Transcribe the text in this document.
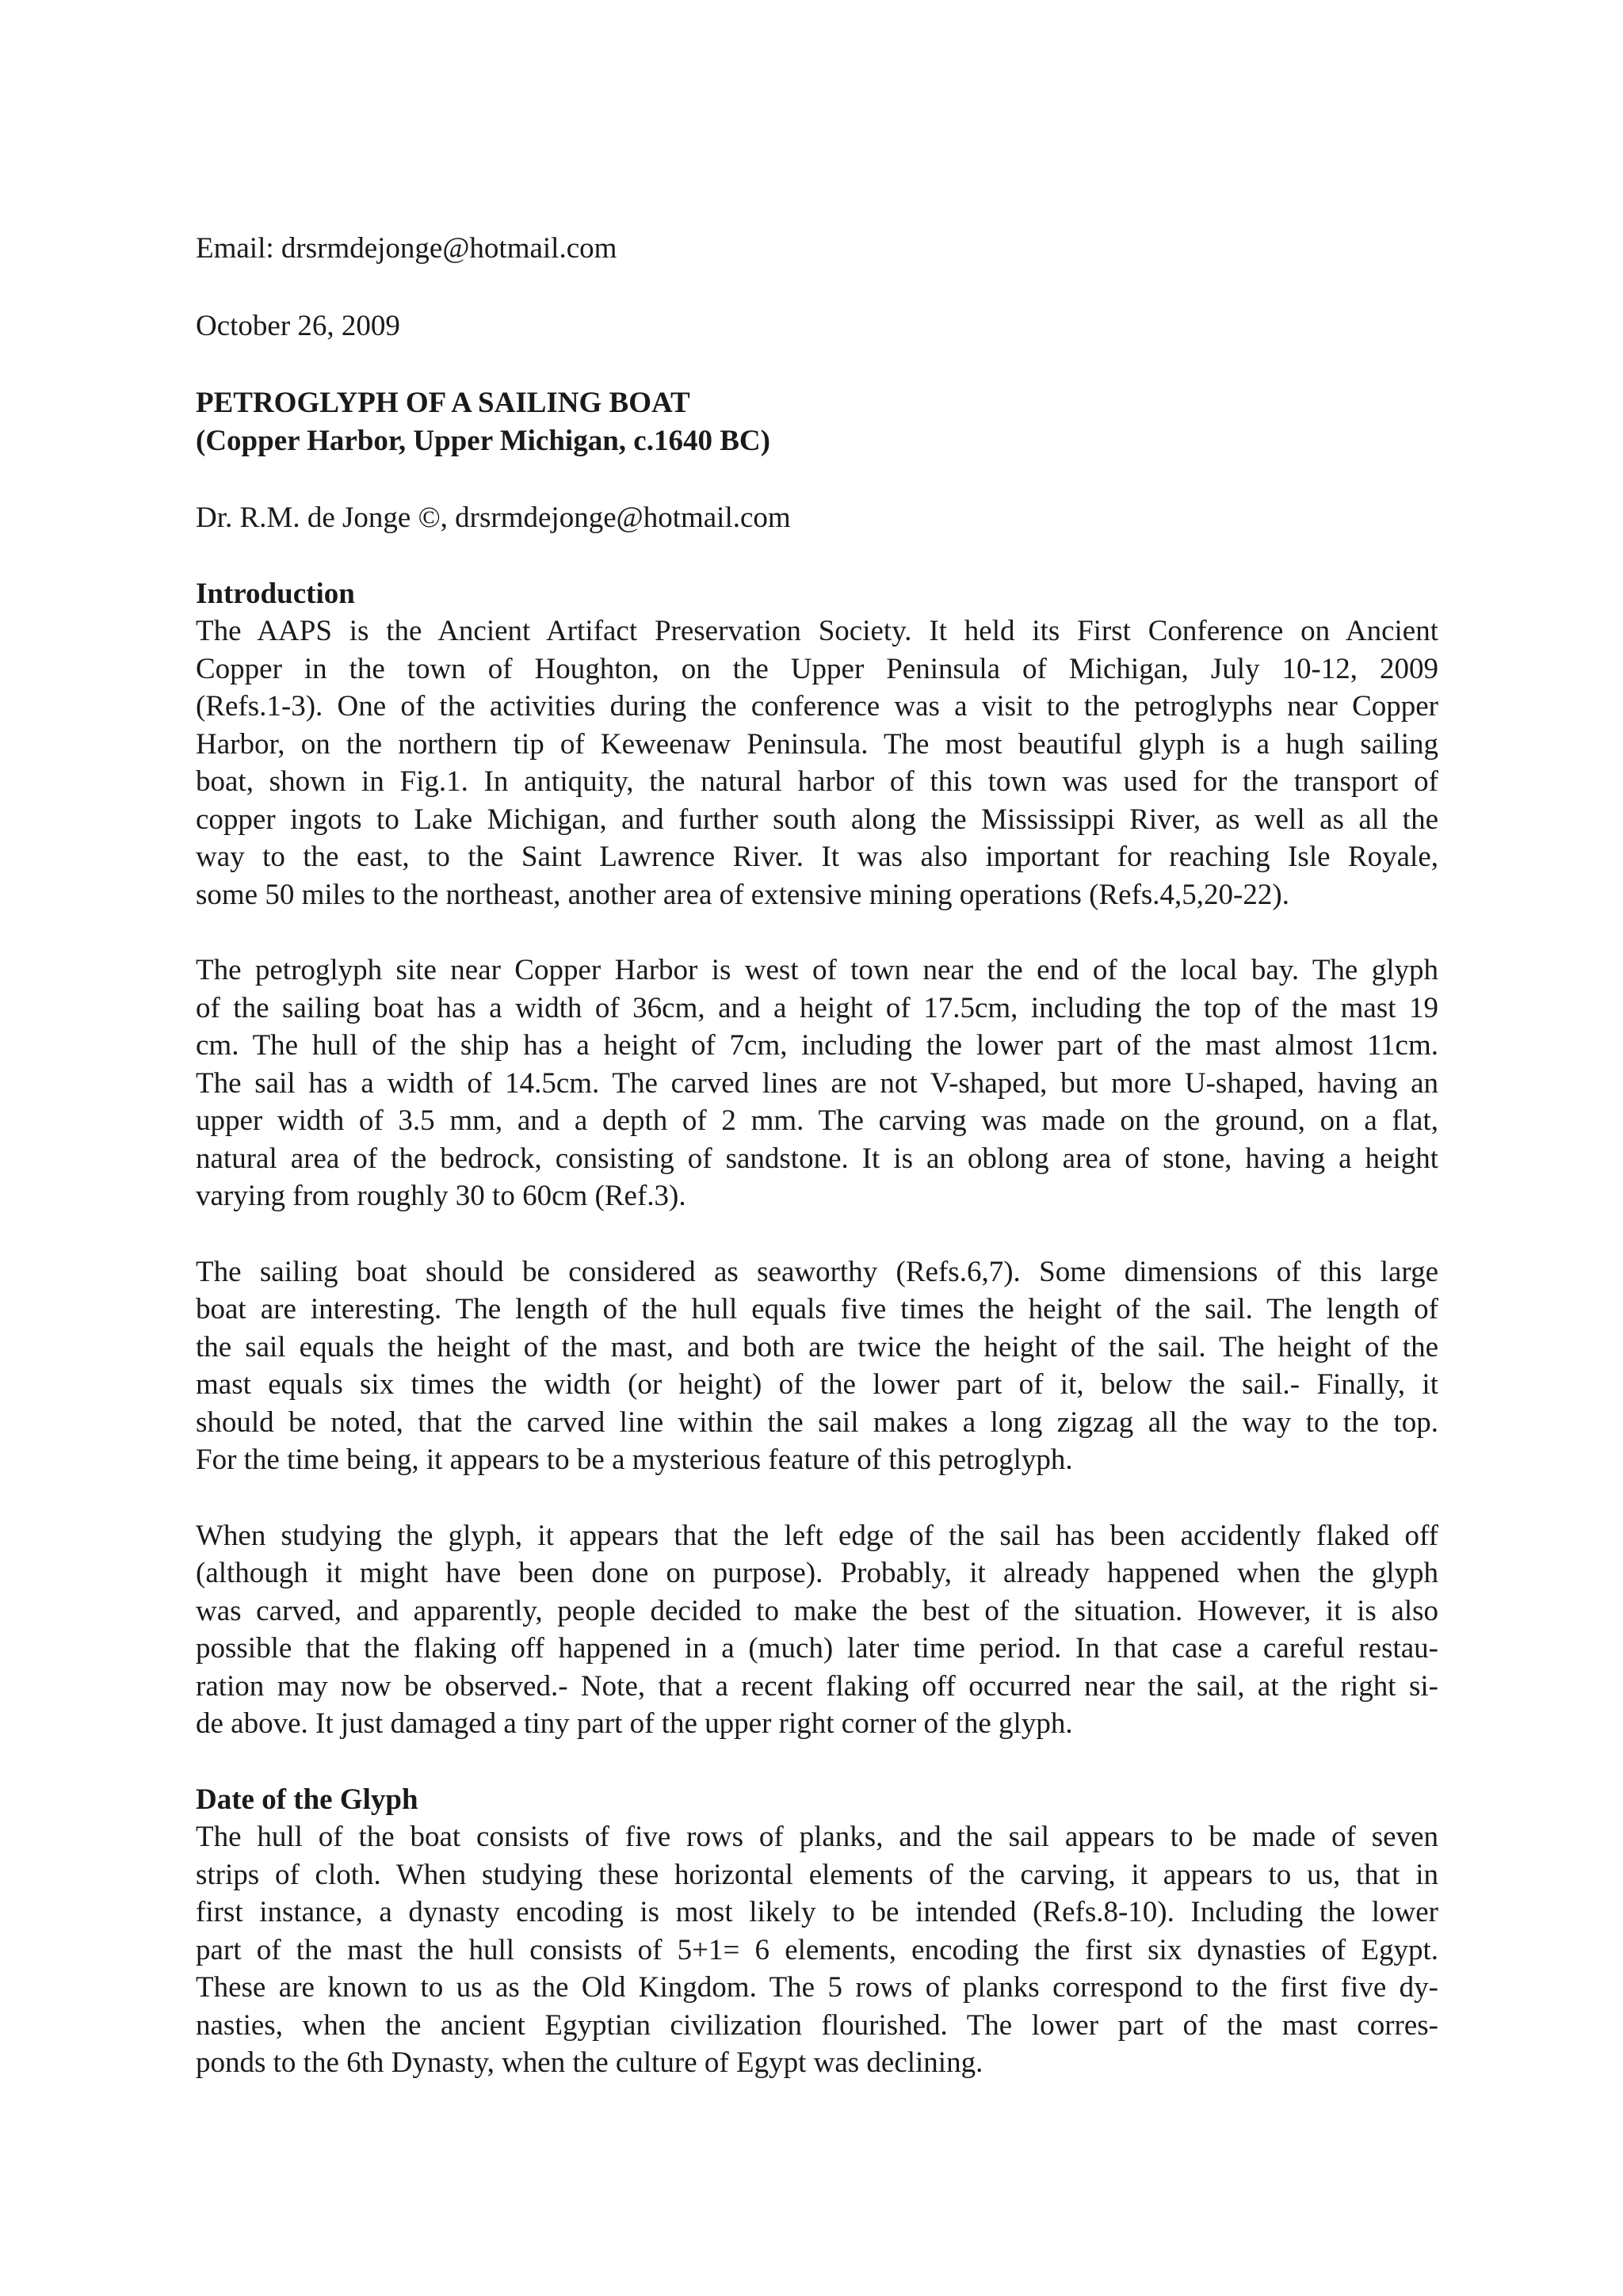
Email: drsrmdejonge@hotmail.com

October 26, 2009

PETROGLYPH OF A SAILING BOAT

(Copper Harbor, Upper Michigan, c.1640 BC)

Dr. R.M. de Jonge ©, drsrmdejonge@hotmail.com

Introduction

The AAPS is the Ancient Artifact Preservation Society. It held its First Conference on Ancient
Copper in the town of Houghton, on the Upper Peninsula of Michigan, July 10-12, 2009
(Refs.1-3). One of the activities during the conference was a visit to the petroglyphs near Copper
Harbor, on the northern tip of Keweenaw Peninsula. The most beautiful glyph is a hugh sailing
boat, shown in Fig.1. In antiquity, the natural harbor of this town was used for the transport of
copper ingots to Lake Michigan, and further south along the Mississippi River, as well as all the
way to the east, to the Saint Lawrence River. It was also important for reaching Isle Royale,
some 50 miles to the northeast, another area of extensive mining operations (Refs.4,5,20-22).
The petroglyph site near Copper Harbor is west of town near the end of the local bay. The glyph
of the sailing boat has a width of 36cm, and a height of 17.5cm, including the top of the mast 19
cm. The hull of the ship has a height of 7cm, including the lower part of the mast almost 11cm.
The sail has a width of 14.5cm. The carved lines are not V-shaped, but more U-shaped, having an
upper width of 3.5 mm, and a depth of 2 mm. The carving was made on the ground, on a flat,
natural area of the bedrock, consisting of sandstone. It is an oblong area of stone, having a height
varying from roughly 30 to 60cm (Ref.3).
The sailing boat should be considered as seaworthy (Refs.6,7). Some dimensions of this large
boat are interesting. The length of the hull equals five times the height of the sail. The length of
the sail equals the height of the mast, and both are twice the height of the sail. The height of the
mast equals six times the width (or height) of the lower part of it, below the sail.- Finally, it
should be noted, that the carved line within the sail makes a long zigzag all the way to the top.
For the time being, it appears to be a mysterious feature of this petroglyph.
When studying the glyph, it appears that the left edge of the sail has been accidently flaked off
(although it might have been done on purpose). Probably, it already happened when the glyph
was carved, and apparently, people decided to make the best of the situation. However, it is also
possible that the flaking off happened in a (much) later time period. In that case a careful restau-
ration may now be observed.- Note, that a recent flaking off occurred near the sail, at the right si-
de above. It just damaged a tiny part of the upper right corner of the glyph.

Date of the Glyph

The hull of the boat consists of five rows of planks, and the sail appears to be made of seven
strips of cloth. When studying these horizontal elements of the carving, it appears to us, that in
first instance, a dynasty encoding is most likely to be intended (Refs.8-10). Including the lower
part of the mast the hull consists of 5+1= 6 elements, encoding the first six dynasties of Egypt.
These are known to us as the Old Kingdom. The 5 rows of planks correspond to the first five dy-
nasties, when the ancient Egyptian civilization flourished. The lower part of the mast corres-
ponds to the 6th Dynasty, when the culture of Egypt was declining.
